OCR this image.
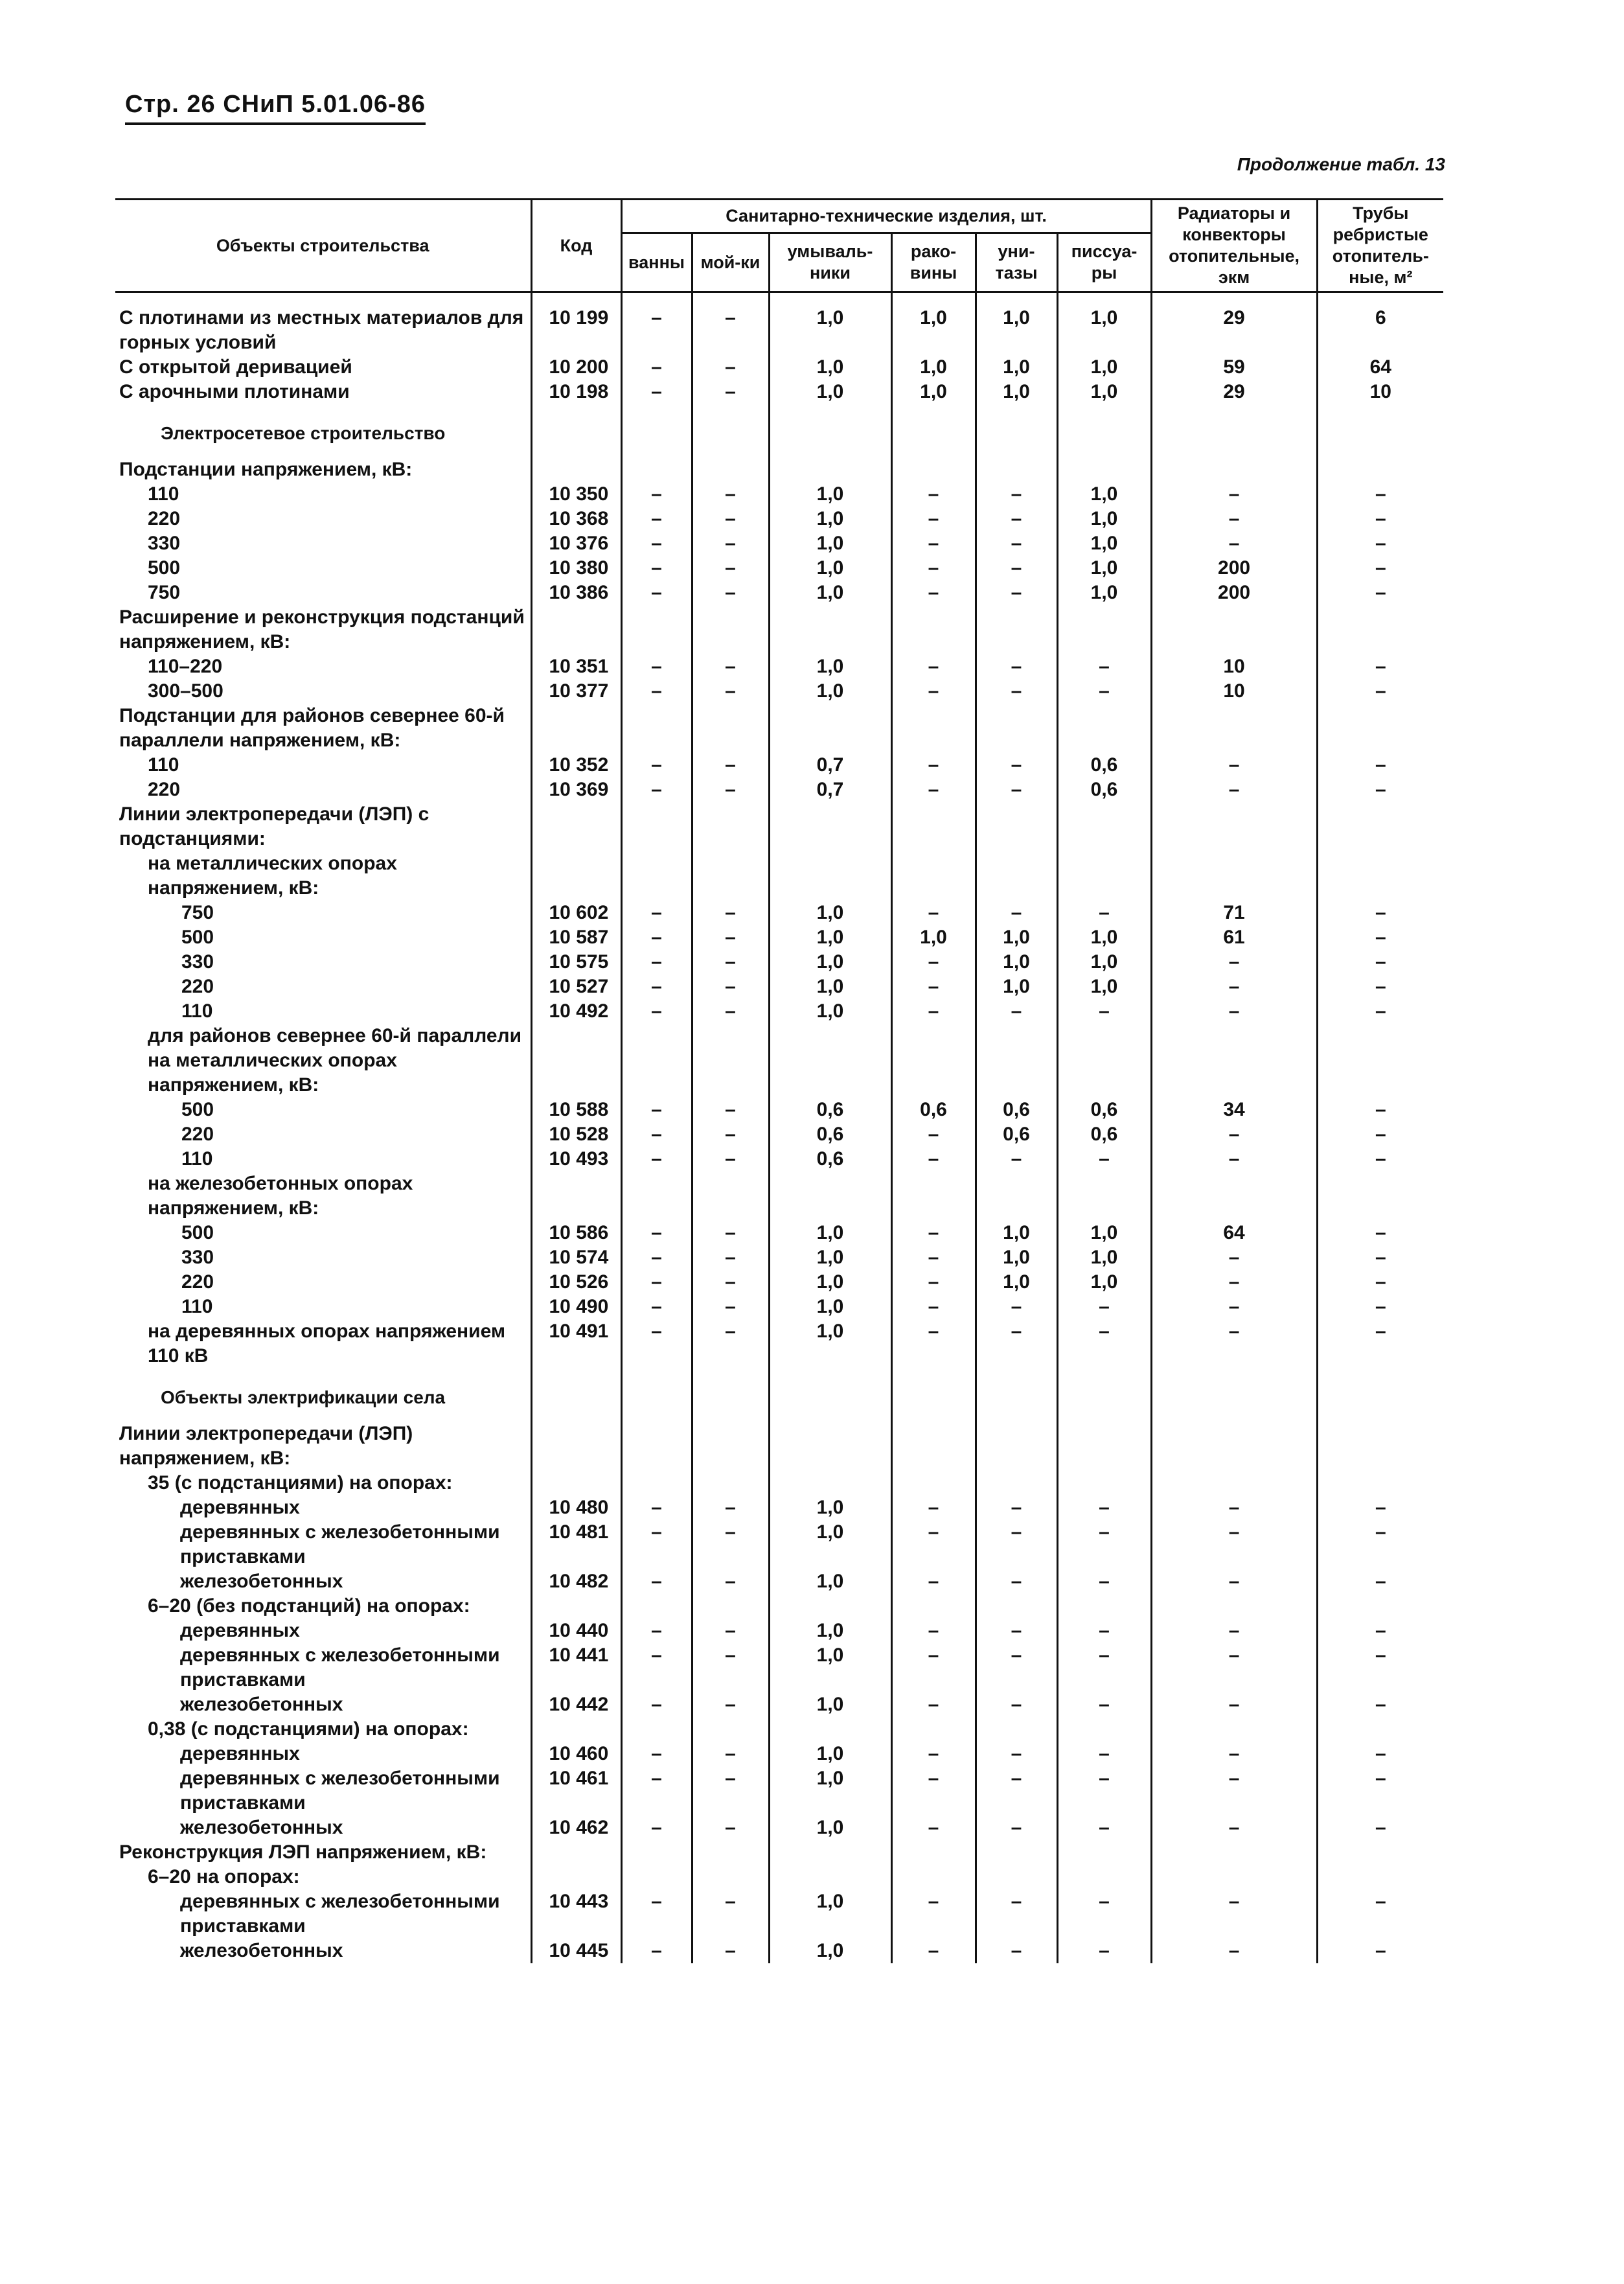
Стр. 26 СНиП 5.01.06-86
Продолжение табл. 13
Объекты строительства	Код	Санитарно-технические изделия, шт.						Радиаторы и конвекторы отопительные, экм	Трубы ребристые отопитель-ные, м²
		ванны	мой-ки	умываль-ники	рако-вины	уни-тазы	писсуа-ры		
С плотинами из местных материалов для горных условий	10 199	–	–	1,0	1,0	1,0	1,0	29	6
С открытой деривацией	10 200	–	–	1,0	1,0	1,0	1,0	59	64
С арочными плотинами	10 198	–	–	1,0	1,0	1,0	1,0	29	10
Электросетевое строительство									
Подстанции напряжением, кВ:									
110	10 350	–	–	1,0	–	–	1,0	–	–
220	10 368	–	–	1,0	–	–	1,0	–	–
330	10 376	–	–	1,0	–	–	1,0	–	–
500	10 380	–	–	1,0	–	–	1,0	200	–
750	10 386	–	–	1,0	–	–	1,0	200	–
Расширение и реконструкция подстанций напряжением, кВ:									
110–220	10 351	–	–	1,0	–	–	–	10	–
300–500	10 377	–	–	1,0	–	–	–	10	–
Подстанции для районов севернее 60-й параллели напряжением, кВ:									
110	10 352	–	–	0,7	–	–	0,6	–	–
220	10 369	–	–	0,7	–	–	0,6	–	–
Линии электропередачи (ЛЭП) с подстанциями:									
на металлических опорах напряжением, кВ:									
750	10 602	–	–	1,0	–	–	–	71	–
500	10 587	–	–	1,0	1,0	1,0	1,0	61	–
330	10 575	–	–	1,0	–	1,0	1,0	–	–
220	10 527	–	–	1,0	–	1,0	1,0	–	–
110	10 492	–	–	1,0	–	–	–	–	–
для районов севернее 60-й параллели на металлических опорах напряжением, кВ:									
500	10 588	–	–	0,6	0,6	0,6	0,6	34	–
220	10 528	–	–	0,6	–	0,6	0,6	–	–
110	10 493	–	–	0,6	–	–	–	–	–
на железобетонных опорах напряжением, кВ:									
500	10 586	–	–	1,0	–	1,0	1,0	64	–
330	10 574	–	–	1,0	–	1,0	1,0	–	–
220	10 526	–	–	1,0	–	1,0	1,0	–	–
110	10 490	–	–	1,0	–	–	–	–	–
на деревянных опорах напряжением 110 кВ	10 491	–	–	1,0	–	–	–	–	–
Объекты электрификации села									
Линии электропередачи (ЛЭП) напряжением, кВ:									
35 (с подстанциями) на опорах:									
деревянных	10 480	–	–	1,0	–	–	–	–	–
деревянных с железобетонными приставками	10 481	–	–	1,0	–	–	–	–	–
железобетонных	10 482	–	–	1,0	–	–	–	–	–
6–20 (без подстанций) на опорах:									
деревянных	10 440	–	–	1,0	–	–	–	–	–
деревянных с железобетонными приставками	10 441	–	–	1,0	–	–	–	–	–
железобетонных	10 442	–	–	1,0	–	–	–	–	–
0,38 (с подстанциями) на опорах:									
деревянных	10 460	–	–	1,0	–	–	–	–	–
деревянных с железобетонными приставками	10 461	–	–	1,0	–	–	–	–	–
железобетонных	10 462	–	–	1,0	–	–	–	–	–
Реконструкция ЛЭП напряжением, кВ:									
6–20 на опорах:									
деревянных с железобетонными приставками	10 443	–	–	1,0	–	–	–	–	–
железобетонных	10 445	–	–	1,0	–	–	–	–	–
